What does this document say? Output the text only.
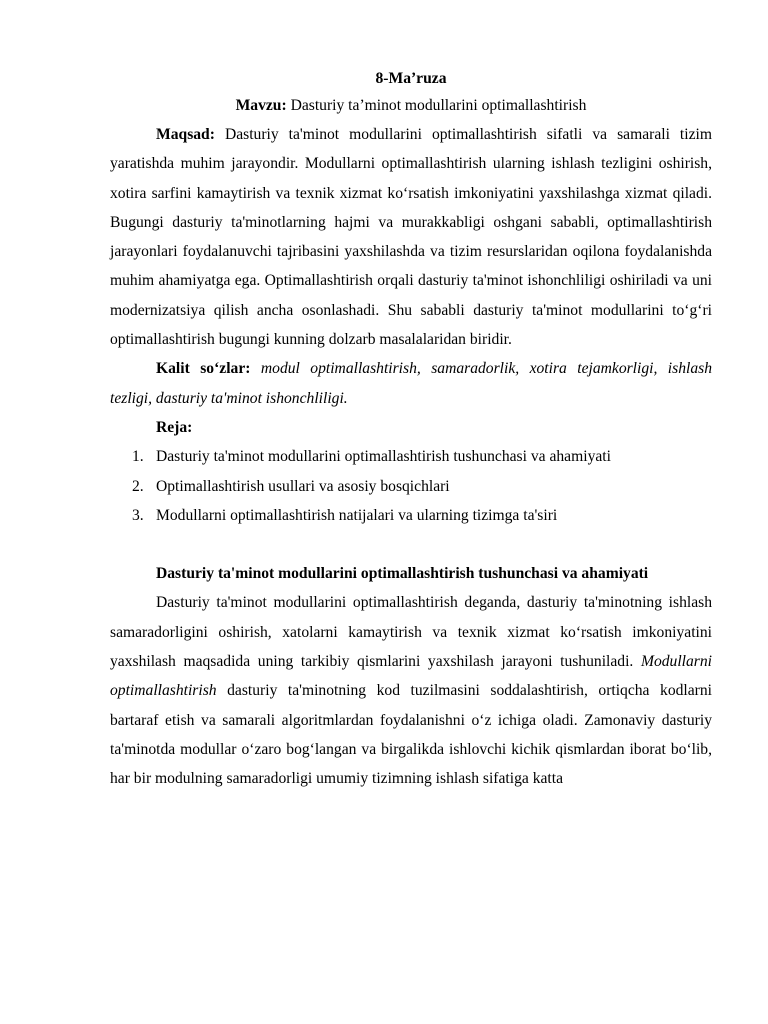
8-Ma’ruza

Mavzu: Dasturiy ta’minot modullarini optimallashtirish

Maqsad: Dasturiy ta'minot modullarini optimallashtirish sifatli va samarali tizim yaratishda muhim jarayondir. Modullarni optimallashtirish ularning ishlash tezligini oshirish, xotira sarfini kamaytirish va texnik xizmat ko‘rsatish imkoniyatini yaxshilashga xizmat qiladi. Bugungi dasturiy ta'minotlarning hajmi va murakkabligi oshgani sababli, optimallashtirish jarayonlari foydalanuvchi tajribasini yaxshilashda va tizim resurslaridan oqilona foydalanishda muhim ahamiyatga ega. Optimallashtirish orqali dasturiy ta'minot ishonchliligi oshiriladi va uni modernizatsiya qilish ancha osonlashadi. Shu sababli dasturiy ta'minot modullarini to‘g‘ri optimallashtirish bugungi kunning dolzarb masalalaridan biridir.

Kalit so‘zlar: modul optimallashtirish, samaradorlik, xotira tejamkorligi, ishlash tezligi, dasturiy ta'minot ishonchliligi.

Reja:

1. Dasturiy ta'minot modullarini optimallashtirish tushunchasi va ahamiyati
2. Optimallashtirish usullari va asosiy bosqichlari
3. Modullarni optimallashtirish natijalari va ularning tizimga ta'siri

Dasturiy ta'minot modullarini optimallashtirish tushunchasi va ahamiyati

Dasturiy ta'minot modullarini optimallashtirish deganda, dasturiy ta'minotning ishlash samaradorligini oshirish, xatolarni kamaytirish va texnik xizmat ko‘rsatish imkoniyatini yaxshilash maqsadida uning tarkibiy qismlarini yaxshilash jarayoni tushuniladi. Modullarni optimallashtirish dasturiy ta'minotning kod tuzilmasini soddalashtirish, ortiqcha kodlarni bartaraf etish va samarali algoritmlardan foydalanishni o‘z ichiga oladi. Zamonaviy dasturiy ta'minotda modullar o‘zaro bog‘langan va birgalikda ishlovchi kichik qismlardan iborat bo‘lib, har bir modulning samaradorligi umumiy tizimning ishlash sifatiga katta
